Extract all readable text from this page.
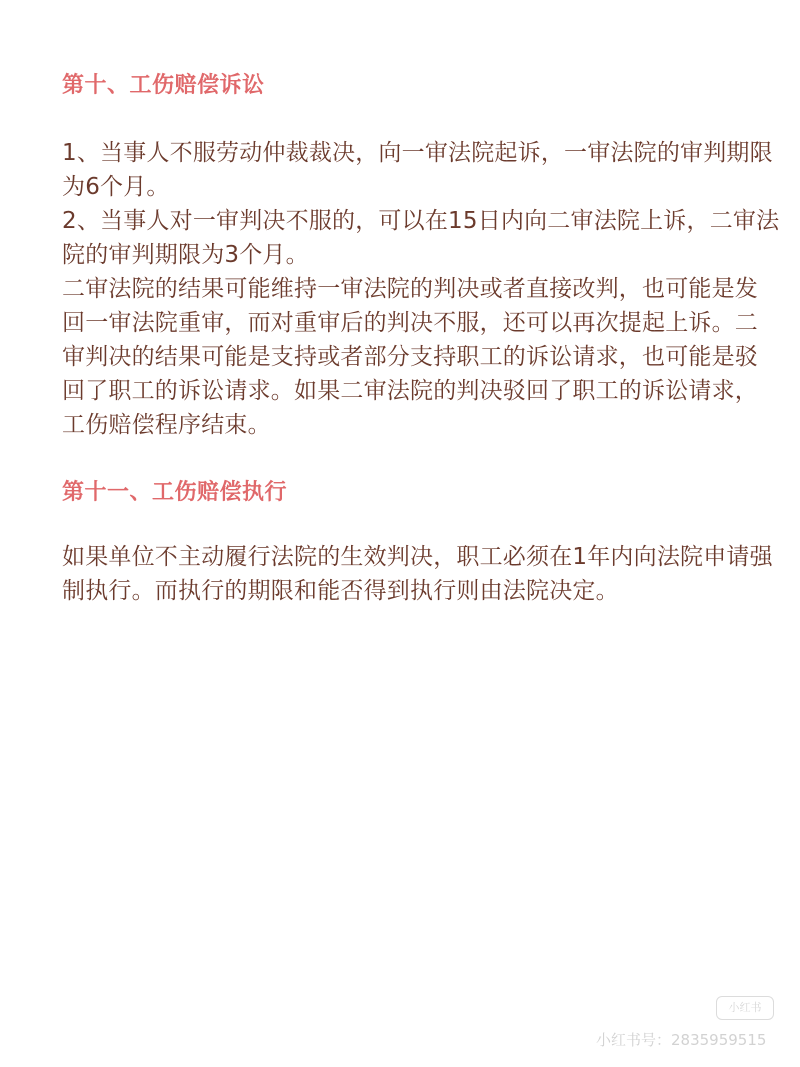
第十、工伤赔偿诉讼
1、当事人不服劳动仲裁裁决，向一审法院起诉，一审法院的审判期限
为6个月。
2、当事人对一审判决不服的，可以在15日内向二审法院上诉，二审法
院的审判期限为3个月。
二审法院的结果可能维持一审法院的判决或者直接改判，也可能是发
回一审法院重审，而对重审后的判决不服，还可以再次提起上诉。二
审判决的结果可能是支持或者部分支持职工的诉讼请求，也可能是驳
回了职工的诉讼请求。如果二审法院的判决驳回了职工的诉讼请求，
工伤赔偿程序结束。
第十一、工伤赔偿执行
如果单位不主动履行法院的生效判决，职工必须在1年内向法院申请强
制执行。而执行的期限和能否得到执行则由法院决定。
小红书
小红书号：2835959515
